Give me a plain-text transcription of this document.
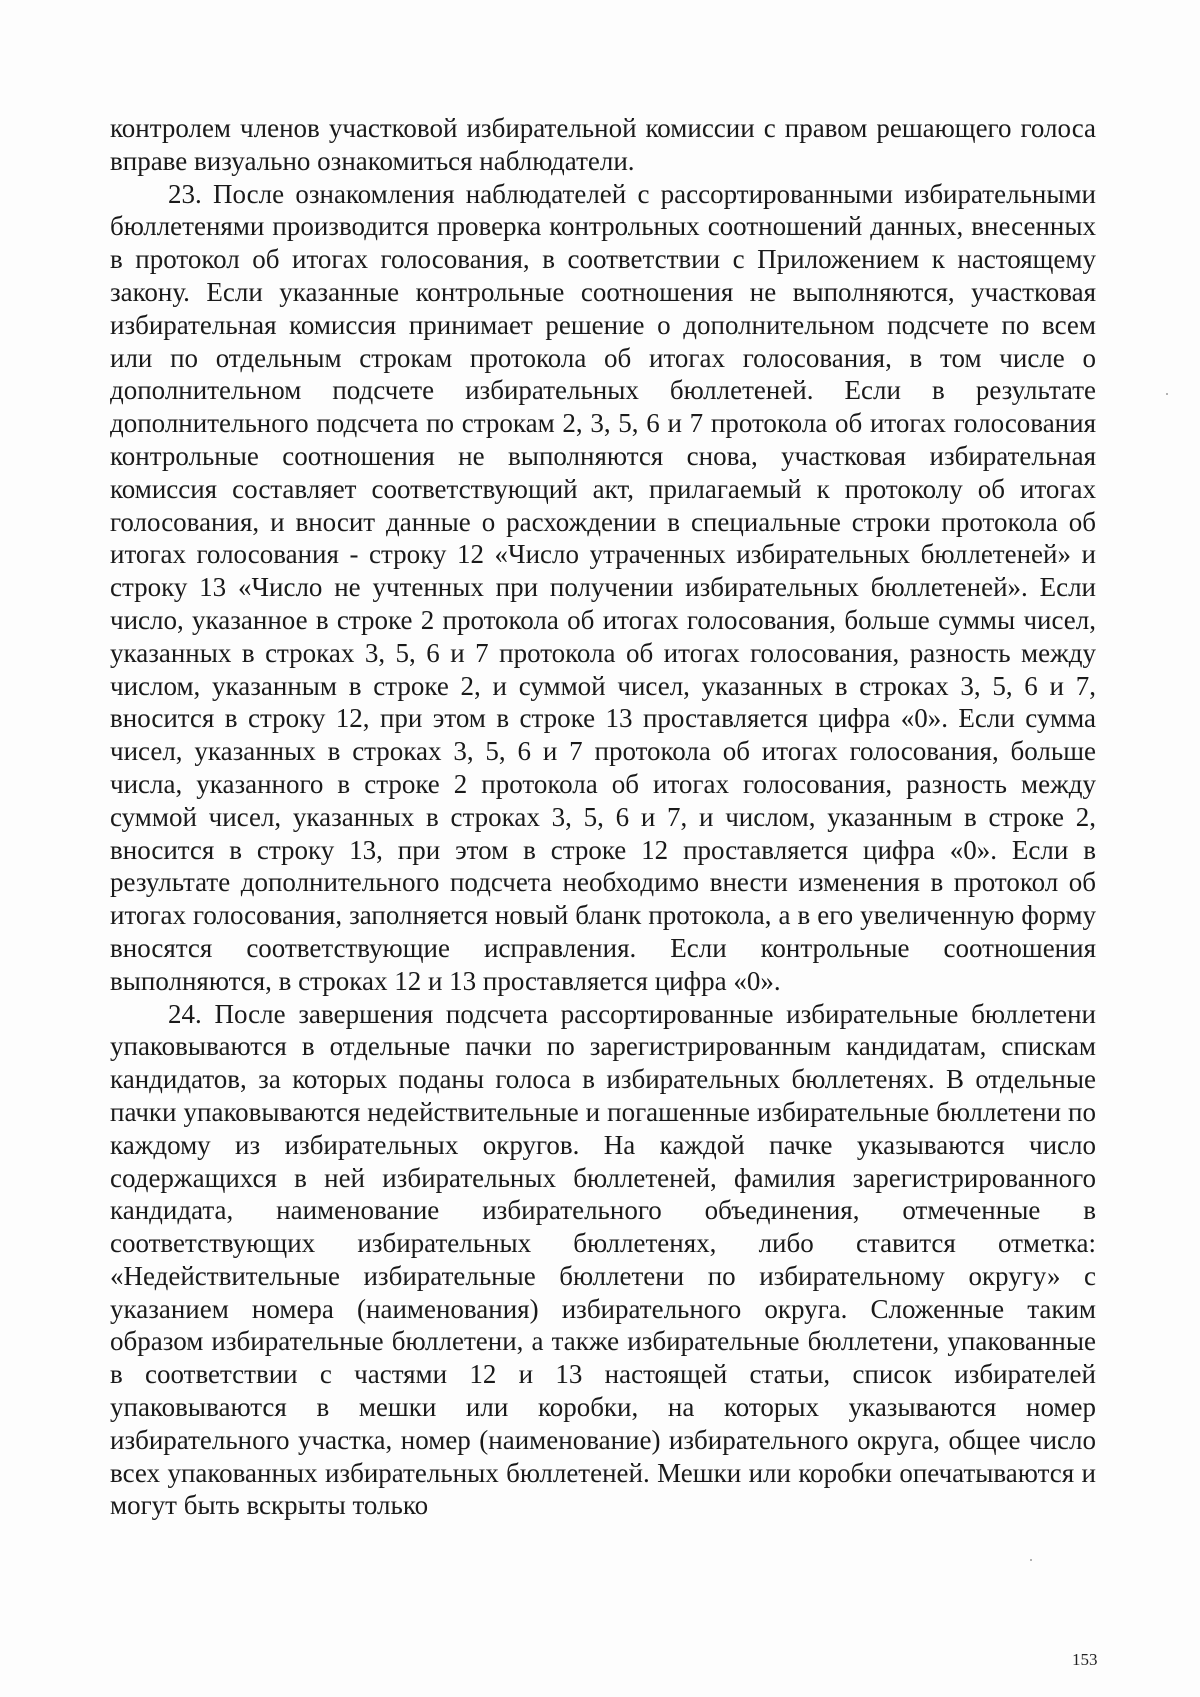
контролем членов участковой избирательной комиссии с правом решающего голоса вправе визуально ознакомиться наблюдатели.

23. После ознакомления наблюдателей с рассортированными избирательными бюллетенями производится проверка контрольных соотношений данных, внесенных в протокол об итогах голосования, в соответствии с Приложением к настоящему закону. Если указанные контрольные соотношения не выполняются, участковая избирательная комиссия принимает решение о дополнительном подсчете по всем или по отдельным строкам протокола об итогах голосования, в том числе о дополнительном подсчете избирательных бюллетеней. Если в результате дополнительного подсчета по строкам 2, 3, 5, 6 и 7 протокола об итогах голосования контрольные соотношения не выполняются снова, участковая избирательная комиссия составляет соответствующий акт, прилагаемый к протоколу об итогах голосования, и вносит данные о расхождении в специальные строки протокола об итогах голосования - строку 12 «Число утраченных избирательных бюллетеней» и строку 13 «Число не учтенных при получении избирательных бюллетеней». Если число, указанное в строке 2 протокола об итогах голосования, больше суммы чисел, указанных в строках 3, 5, 6 и 7 протокола об итогах голосования, разность между числом, указанным в строке 2, и суммой чисел, указанных в строках 3, 5, 6 и 7, вносится в строку 12, при этом в строке 13 проставляется цифра «0». Если сумма чисел, указанных в строках 3, 5, 6 и 7 протокола об итогах голосования, больше числа, указанного в строке 2 протокола об итогах голосования, разность между суммой чисел, указанных в строках 3, 5, 6 и 7, и числом, указанным в строке 2, вносится в строку 13, при этом в строке 12 проставляется цифра «0». Если в результате дополнительного подсчета необходимо внести изменения в протокол об итогах голосования, заполняется новый бланк протокола, а в его увеличенную форму вносятся соответствующие исправления. Если контрольные соотношения выполняются, в строках 12 и 13 проставляется цифра «0».

24. После завершения подсчета рассортированные избирательные бюллетени упаковываются в отдельные пачки по зарегистрированным кандидатам, спискам кандидатов, за которых поданы голоса в избирательных бюллетенях. В отдельные пачки упаковываются недействительные и погашенные избирательные бюллетени по каждому из избирательных округов. На каждой пачке указываются число содержащихся в ней избирательных бюллетеней, фамилия зарегистрированного кандидата, наименование избирательного объединения, отмеченные в соответствующих избирательных бюллетенях, либо ставится отметка: «Недействительные избирательные бюллетени по избирательному округу» с указанием номера (наименования) избирательного округа. Сложенные таким образом избирательные бюллетени, а также избирательные бюллетени, упакованные в соответствии с частями 12 и 13 настоящей статьи, список избирателей упаковываются в мешки или коробки, на которых указываются номер избирательного участка, номер (наименование) избирательного округа, общее число всех упакованных избирательных бюллетеней. Мешки или коробки опечатываются и могут быть вскрыты только

153
